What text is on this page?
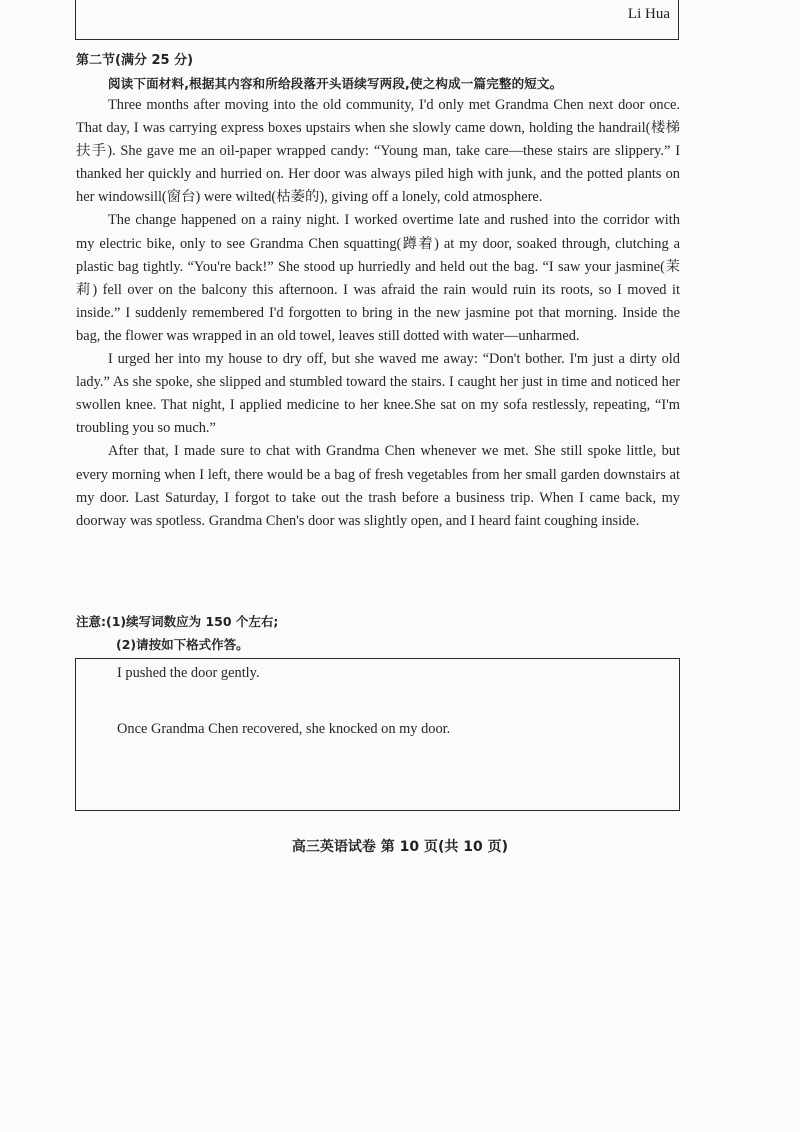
Li Hua
第二节(满分 25 分)
阅读下面材料,根据其内容和所给段落开头语续写两段,使之构成一篇完整的短文。

Three months after moving into the old community, I'd only met Grandma Chen next door once. That day, I was carrying express boxes upstairs when she slowly came down, holding the handrail(楼梯扶手). She gave me an oil-paper wrapped candy: “Young man, take care—these stairs are slippery.” I thanked her quickly and hurried on. Her door was always piled high with junk, and the potted plants on her windowsill(窗台) were wilted(枯萎的), giving off a lonely, cold atmosphere.

The change happened on a rainy night. I worked overtime late and rushed into the corridor with my electric bike, only to see Grandma Chen squatting(蹲着) at my door, soaked through, clutching a plastic bag tightly. “You're back!” She stood up hurriedly and held out the bag. “I saw your jasmine(茉莉) fell over on the balcony this afternoon. I was afraid the rain would ruin its roots, so I moved it inside.” I suddenly remembered I'd forgotten to bring in the new jasmine pot that morning. Inside the bag, the flower was wrapped in an old towel, leaves still dotted with water—unharmed.

I urged her into my house to dry off, but she waved me away: “Don't bother. I'm just a dirty old lady.” As she spoke, she slipped and stumbled toward the stairs. I caught her just in time and noticed her swollen knee. That night, I applied medicine to her knee.She sat on my sofa restlessly, repeating, “I'm troubling you so much.”

After that, I made sure to chat with Grandma Chen whenever we met. She still spoke little, but every morning when I left, there would be a bag of fresh vegetables from her small garden downstairs at my door. Last Saturday, I forgot to take out the trash before a business trip. When I came back, my doorway was spotless. Grandma Chen's door was slightly open, and I heard faint coughing inside.

注意:(1)续写词数应为 150 个左右;
(2)请按如下格式作答。
I pushed the door gently.
Once Grandma Chen recovered, she knocked on my door.
高三英语试卷 第 10 页(共 10 页)
